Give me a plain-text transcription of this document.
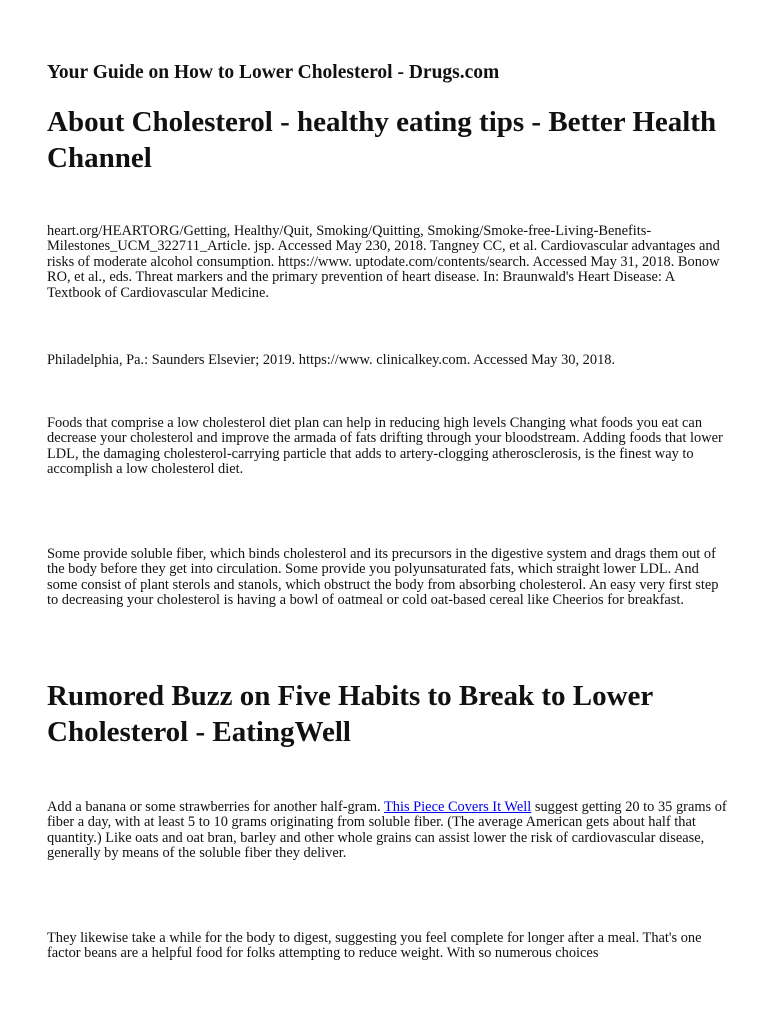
Your Guide on How to Lower Cholesterol - Drugs.com
About Cholesterol - healthy eating tips - Better Health Channel

heart.org/HEARTORG/Getting, Healthy/Quit, Smoking/Quitting, Smoking/Smoke-free-Living-Benefits-Milestones_UCM_322711_Article. jsp. Accessed May 230, 2018. Tangney CC, et al. Cardiovascular advantages and risks of moderate alcohol consumption. https://www. uptodate.com/contents/search. Accessed May 31, 2018. Bonow RO, et al., eds. Threat markers and the primary prevention of heart disease. In: Braunwald's Heart Disease: A Textbook of Cardiovascular Medicine.

Philadelphia, Pa.: Saunders Elsevier; 2019. https://www. clinicalkey.com. Accessed May 30, 2018.

Foods that comprise a low cholesterol diet plan can help in reducing high levels Changing what foods you eat can decrease your cholesterol and improve the armada of fats drifting through your bloodstream. Adding foods that lower LDL, the damaging cholesterol-carrying particle that adds to artery-clogging atherosclerosis, is the finest way to accomplish a low cholesterol diet.

Some provide soluble fiber, which binds cholesterol and its precursors in the digestive system and drags them out of the body before they get into circulation. Some provide you polyunsaturated fats, which straight lower LDL. And some consist of plant sterols and stanols, which obstruct the body from absorbing cholesterol. An easy very first step to decreasing your cholesterol is having a bowl of oatmeal or cold oat-based cereal like Cheerios for breakfast.

Rumored Buzz on Five Habits to Break to Lower Cholesterol - EatingWell

Add a banana or some strawberries for another half-gram. This Piece Covers It Well suggest getting 20 to 35 grams of fiber a day, with at least 5 to 10 grams originating from soluble fiber. (The average American gets about half that quantity.) Like oats and oat bran, barley and other whole grains can assist lower the risk of cardiovascular disease, generally by means of the soluble fiber they deliver.

They likewise take a while for the body to digest, suggesting you feel complete for longer after a meal. That's one factor beans are a helpful food for folks attempting to reduce weight. With so numerous choices
